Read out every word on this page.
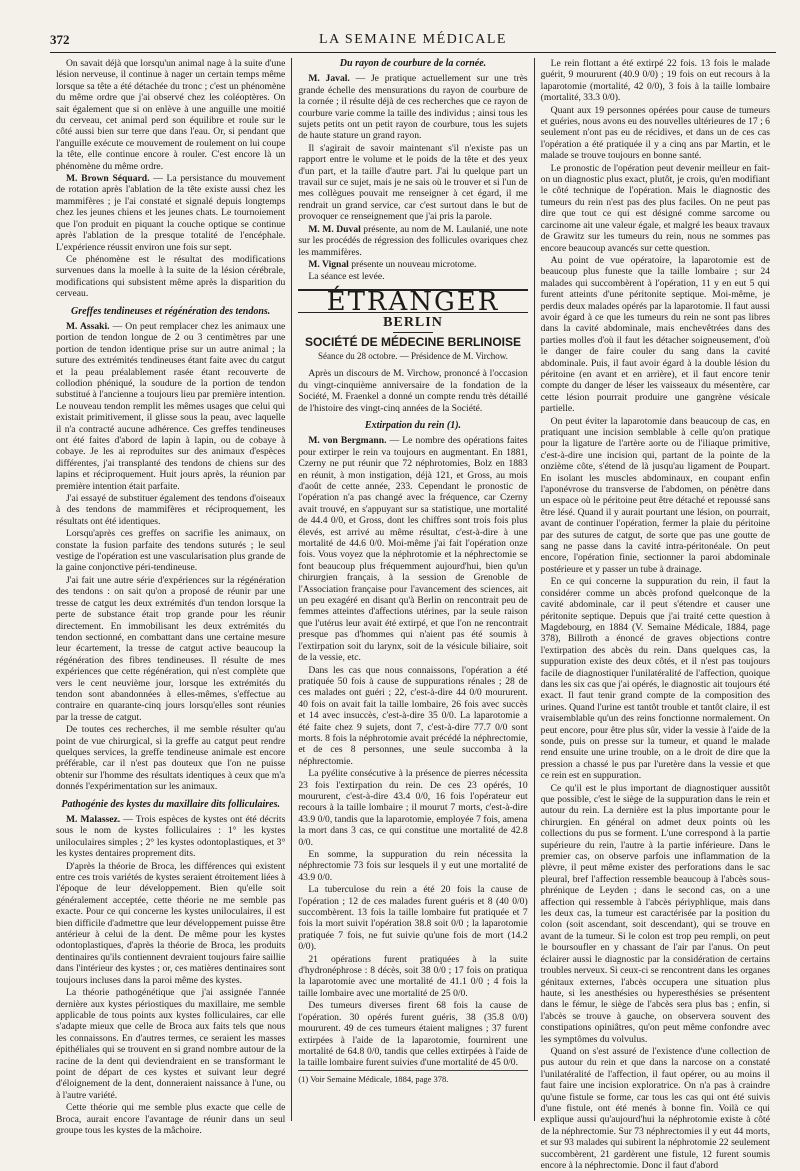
372	LA SEMAINE MÉDICALE

On savait déjà que lorsqu'un animal nage à la suite d'une lésion nerveuse, il continue à nager un certain temps même lorsque sa tête a été détachée du tronc ; c'est un phénomène du même ordre que j'ai observé chez les coléoptères. On sait également que si on enlève à une anguille une moitié du cerveau, cet animal perd son équilibre et roule sur le côté aussi bien sur terre que dans l'eau. Or, si pendant que l'anguille exécute ce mouvement de roulement on lui coupe la tête, elle continue encore à rouler. C'est encore là un phénomène du même ordre.

M. Brown Séquard. — La persistance du mouvement de rotation après l'ablation de la tête existe aussi chez les mammifères ; je l'ai constaté et signalé depuis longtemps chez les jeunes chiens et les jeunes chats. Le tournoiement que l'on produit en piquant la couche optique se continue après l'ablation de la presque totalité de l'encéphale. L'expérience réussit environ une fois sur sept.

Ce phénomène est le résultat des modifications survenues dans la moelle à la suite de la lésion cérébrale, modifications qui subsistent même après la disparition du cerveau.

Greffes tendineuses et régénération des tendons.

M. Assaki. — On peut remplacer chez les animaux une portion de tendon longue de 2 ou 3 centimètres par une portion de tendon identique prise sur un autre animal ; la suture des extrémités tendineuses étant faite avec du catgut et la peau préalablement rasée étant recouverte de collodion phéniqué, la soudure de la portion de tendon substitué à l'ancienne a toujours lieu par première intention. Le nouveau tendon remplit les mêmes usages que celui qui existait primitivement, il glisse sous la peau, avec laquelle il n'a contracté aucune adhérence. Ces greffes tendineuses ont été faites d'abord de lapin à lapin, ou de cobaye à cobaye. Je les ai reproduites sur des animaux d'espèces différentes, j'ai transplanté des tendons de chiens sur des lapins et réciproquement. Huit jours après, la réunion par première intention était parfaite.

J'ai essayé de substituer également des tendons d'oiseaux à des tendons de mammifères et réciproquement, les résultats ont été identiques.

Lorsqu'après ces greffes on sacrifie les animaux, on constate la fusion parfaite des tendons suturés ; le seul vestige de l'opération est une vascularisation plus grande de la gaine conjonctive péri-tendineuse.

J'ai fait une autre série d'expériences sur la régénération des tendons : on sait qu'on a proposé de réunir par une tresse de catgut les deux extrémités d'un tendon lorsque la perte de substance était trop grande pour les réunir directement. En immobilisant les deux extrémités du tendon sectionné, en combattant dans une certaine mesure leur écartement, la tresse de catgut active beaucoup la régénération des fibres tendineuses. Il résulte de mes expériences que cette régénération, qui n'est complète que vers le cent neuvième jour, lorsque les extrémités du tendon sont abandonnées à elles-mêmes, s'effectue au contraire en quarante-cinq jours lorsqu'elles sont réunies par la tresse de catgut.

De toutes ces recherches, il me semble résulter qu'au point de vue chirurgical, si la greffe au catgut peut rendre quelques services, la greffe tendineuse animale est encore préférable, car il n'est pas douteux que l'on ne puisse obtenir sur l'homme des résultats identiques à ceux que m'a donnés l'expérimentation sur les animaux.

Pathogénie des kystes du maxillaire dits folliculaires.

M. Malassez. — Trois espèces de kystes ont été décrits sous le nom de kystes folliculaires : 1° les kystes uniloculaires simples ; 2° les kystes odontoplastiques, et 3° les kystes dentaires proprement dits.

D'après la théorie de Broca, les différences qui existent entre ces trois variétés de kystes seraient étroitement liées à l'époque de leur développement. Bien qu'elle soit généralement acceptée, cette théorie ne me semble pas exacte. Pour ce qui concerne les kystes uniloculaires, il est bien difficile d'admettre que leur développement puisse être antérieur à celui de la dent. De même pour les kystes odontoplastiques, d'après la théorie de Broca, les produits dentinaires qu'ils contiennent devraient toujours faire saillie dans l'intérieur des kystes ; or, ces matières dentinaires sont toujours incluses dans la paroi même des kystes.

La théorie pathogénétique que j'ai assignée l'année dernière aux kystes périostiques du maxillaire, me semble applicable de tous points aux kystes folliculaires, car elle s'adapte mieux que celle de Broca aux faits tels que nous les connaissons. En d'autres termes, ce seraient les masses épithéliales qui se trouvent en si grand nombre autour de la racine de la dent qui deviendraient en se transformant le point de départ de ces kystes et suivant leur degré d'éloignement de la dent, donneraient naissance à l'une, ou à l'autre variété.

Cette théorie qui me semble plus exacte que celle de Broca, aurait encore l'avantage de réunir dans un seul groupe tous les kystes de la mâchoire.

Du rayon de courbure de la cornée.

M. Javal. — Je pratique actuellement sur une très grande échelle des mensurations du rayon de courbure de la cornée ; il résulte déjà de ces recherches que ce rayon de courbure varie comme la taille des individus ; ainsi tous les sujets petits ont un petit rayon de courbure, tous les sujets de haute stature un grand rayon.

Il s'agirait de savoir maintenant s'il n'existe pas un rapport entre le volume et le poids de la tête et des yeux d'un part, et la taille d'autre part. J'ai lu quelque part un travail sur ce sujet, mais je ne sais où le trouver et si l'un de mes collègues pouvait me renseigner à cet égard, il me rendrait un grand service, car c'est surtout dans le but de provoquer ce renseignement que j'ai pris la parole.

M. M. Duval présente, au nom de M. Laulanié, une note sur les procédés de régression des follicules ovariques chez les mammifères.

M. Vignal présente un nouveau microtome.

La séance est levée.

ÉTRANGER
BERLIN
SOCIÉTÉ DE MÉDECINE BERLINOISE
Séance du 28 octobre. — Présidence de M. Virchow.

Après un discours de M. Virchow, prononcé à l'occasion du vingt-cinquième anniversaire de la fondation de la Société, M. Fraenkel a donné un compte rendu très détaillé de l'histoire des vingt-cinq années de la Société.

Extirpation du rein (1).

M. von Bergmann. — Le nombre des opérations faites pour extirper le rein va toujours en augmentant. En 1881, Czerny ne put réunir que 72 néphrotomies, Bolz en 1883 en réunit, à mon instigation, déjà 121, et Gross, au mois d'août de cette année, 233. Cependant le pronostic de l'opération n'a pas changé avec la fréquence, car Czerny avait trouvé, en s'appuyant sur sa statistique, une mortalité de 44.4 0/0, et Gross, dont les chiffres sont trois fois plus élevés, est arrivé au même résultat, c'est-à-dire à une mortalité de 44.6 0/0. Moi-même j'ai fait l'opération onze fois. Vous voyez que la néphrotomie et la néphrectomie se font beaucoup plus fréquemment aujourd'hui, bien qu'un chirurgien français, à la session de Grenoble de l'Association française pour l'avancement des sciences, ait un peu exagéré en disant qu'à Berlin on rencontrait peu de femmes atteintes d'affections utérines, par la seule raison que l'utérus leur avait été extirpé, et que l'on ne rencontrait presque pas d'hommes qui n'aient pas été soumis à l'extirpation soit du larynx, soit de la vésicule biliaire, soit de la vessie, etc.

Dans les cas que nous connaissons, l'opération a été pratiquée 50 fois à cause de suppurations rénales ; 28 de ces malades ont guéri ; 22, c'est-à-dire 44 0/0 moururent. 40 fois on avait fait la taille lombaire, 26 fois avec succès et 14 avec insuccès, c'est-à-dire 35 0/0. La laparotomie a été faite chez 9 sujets, dont 7, c'est-à-dire 77.7 0/0 sont morts. 8 fois la néphrotomie avait précédé la néphrectomie, et de ces 8 personnes, une seule succomba à la néphrectomie.

La pyélite consécutive à la présence de pierres nécessita 23 fois l'extirpation du rein. De ces 23 opérés, 10 moururent, c'est-à-dire 43.4 0/0, 16 fois l'opérateur eut recours à la taille lombaire ; il mourut 7 morts, c'est-à-dire 43.9 0/0, tandis que la laparotomie, employée 7 fois, amena la mort dans 3 cas, ce qui constitue une mortalité de 42.8 0/0.

En somme, la suppuration du rein nécessita la néphrectomie 73 fois sur lesquels il y eut une mortalité de 43.9 0/0.

La tuberculose du rein a été 20 fois la cause de l'opération ; 12 de ces malades furent guéris et 8 (40 0/0) succombèrent. 13 fois la taille lombaire fut pratiquée et 7 fois la mort suivit l'opération 38.8 soit 0/0 ; la laparotomie pratiquée 7 fois, ne fut suivie qu'une fois de mort (14.2 0/0).

21 opérations furent pratiquées à la suite d'hydronéphrose : 8 décès, soit 38 0/0 ; 17 fois on pratiqua la laparotomie avec une mortalité de 41.1 0/0 ; 4 fois la taille lombaire avec une mortalité de 25 0/0.

Des tumeurs diverses firent 68 fois la cause de l'opération. 30 opérés furent guéris, 38 (35.8 0/0) moururent. 49 de ces tumeurs étaient malignes ; 37 furent extirpées à l'aide de la laparotomie, fournirent une mortalité de 64.8 0/0, tandis que celles extirpées à l'aide de la taille lombaire furent suivies d'une mortalité de 45 0/0.

(1) Voir Semaine Médicale, 1884, page 378.

Le rein flottant a été extirpé 22 fois. 13 fois le malade guérit, 9 moururent (40.9 0/0) ; 19 fois on eut recours à la laparotomie (mortalité, 42 0/0), 3 fois à la taille lombaire (mortalité, 33.3 0/0).

Quant aux 19 personnes opérées pour cause de tumeurs et guéries, nous avons eu des nouvelles ultérieures de 17 ; 6 seulement n'ont pas eu de récidives, et dans un de ces cas l'opération a été pratiquée il y a cinq ans par Martin, et le malade se trouve toujours en bonne santé.

Le pronostic de l'opération peut devenir meilleur en fait-on un diagnostic plus exact, plutôt, je crois, qu'en modifiant le côté technique de l'opération. Mais le diagnostic des tumeurs du rein n'est pas des plus faciles. On ne peut pas dire que tout ce qui est désigné comme sarcome ou carcinome ait une valeur égale, et malgré les beaux travaux de Grawitz sur les tumeurs du rein, nous ne sommes pas encore beaucoup avancés sur cette question.

Au point de vue opératoire, la laparotomie est de beaucoup plus funeste que la taille lombaire ; sur 24 malades qui succombèrent à l'opération, 11 y en eut 5 qui furent atteints d'une péritonite septique. Moi-même, je perdis deux malades opérés par la laparotomie. Il faut aussi avoir égard à ce que les tumeurs du rein ne sont pas libres dans la cavité abdominale, mais enchevêtrées dans des parties molles d'où il faut les détacher soigneusement, d'où le danger de faire couler du sang dans la cavité abdominale. Puis, il faut avoir égard à la double lésion du péritoine (en avant et en arrière), et il faut encore tenir compte du danger de léser les vaisseaux du mésentère, car cette lésion pourrait produire une gangrène vésicale partielle.

On peut éviter la laparotomie dans beaucoup de cas, en pratiquant une incision semblable à celle qu'on pratique pour la ligature de l'artère aorte ou de l'iliaque primitive, c'est-à-dire une incision qui, partant de la pointe de la onzième côte, s'étend de là jusqu'au ligament de Poupart. En isolant les muscles abdominaux, en coupant enfin l'aponévrose du transverse de l'abdomen, on pénètre dans un espace où le péritoine peut être détaché et repoussé sans être lésé. Quand il y aurait pourtant une lésion, on pourrait, avant de continuer l'opération, fermer la plaie du péritoine par des sutures de catgut, de sorte que pas une goutte de sang ne passe dans la cavité intra-péritonéale. On peut encore, l'opération finie, sectionner la paroi abdominale postérieure et y passer un tube à drainage.

En ce qui concerne la suppuration du rein, il faut la considérer comme un abcès profond quelconque de la cavité abdominale, car il peut s'étendre et causer une péritonite septique. Depuis que j'ai traité cette question à Magdebourg, en 1884 (V. Semaine Médicale, 1884, page 378), Billroth a énoncé de graves objections contre l'extirpation des abcès du rein. Dans quelques cas, la suppuration existe des deux côtés, et il n'est pas toujours facile de diagnostiquer l'unilatéralité de l'affection, quoique dans les six cas que j'ai opérés, le diagnostic ait toujours été exact. Il faut tenir grand compte de la composition des urines. Quand l'urine est tantôt trouble et tantôt claire, il est vraisemblable qu'un des reins fonctionne normalement. On peut encore, pour être plus sûr, vider la vessie à l'aide de la sonde, puis on presse sur la tumeur, et quand le malade rend ensuite une urine trouble, on a le droit de dire que la pression a chassé le pus par l'uretère dans la vessie et que ce rein est en suppuration.

Ce qu'il est le plus important de diagnostiquer aussitôt que possible, c'est le siège de la suppuration dans le rein et autour du rein. La dernière est la plus importante pour le chirurgien. En général on admet deux points où les collections du pus se forment. L'une correspond à la partie supérieure du rein, l'autre à la partie inférieure. Dans le premier cas, on observe parfois une inflammation de la plèvre, il peut même exister des perforations dans le sac pleural, bref l'affection ressemble beaucoup à l'abcès sous-phrénique de Leyden ; dans le second cas, on a une affection qui ressemble à l'abcès périyphlique, mais dans les deux cas, la tumeur est caractérisée par la position du colon (soit ascendant, soit descendant), qui se trouve en avant de la tumeur. Si le colon est trop peu rempli, on peut le boursoufler en y chassant de l'air par l'anus. On peut éclairer aussi le diagnostic par la considération de certains troubles nerveux. Si ceux-ci se rencontrent dans les organes génitaux externes, l'abcès occupera une situation plus haute, si les anesthésies ou hyperesthésies se présentent dans le fémur, le siège de l'abcès sera plus bas ; enfin, si l'abcès se trouve à gauche, on observera souvent des constipations opiniâtres, qu'on peut même confondre avec les symptômes du volvulus.

Quand on s'est assuré de l'existence d'une collection de pus autour du rein et que dans la narcose on a constaté l'unilatéralité de l'affection, il faut opérer, ou au moins il faut faire une incision exploratrice. On n'a pas à craindre qu'une fistule se forme, car tous les cas qui ont été suivis d'une fistule, ont été menés à bonne fin. Voilà ce qui explique aussi qu'aujourd'hui la néphrotomie existe à côté de la néphrectomie. Sur 73 néphrectomies il y eut 44 morts, et sur 93 malades qui subirent la néphrotomie 22 seulement succombèrent, 21 gardèrent une fistule, 12 furent soumis encore à la néphrectomie. Donc il faut d'abord
